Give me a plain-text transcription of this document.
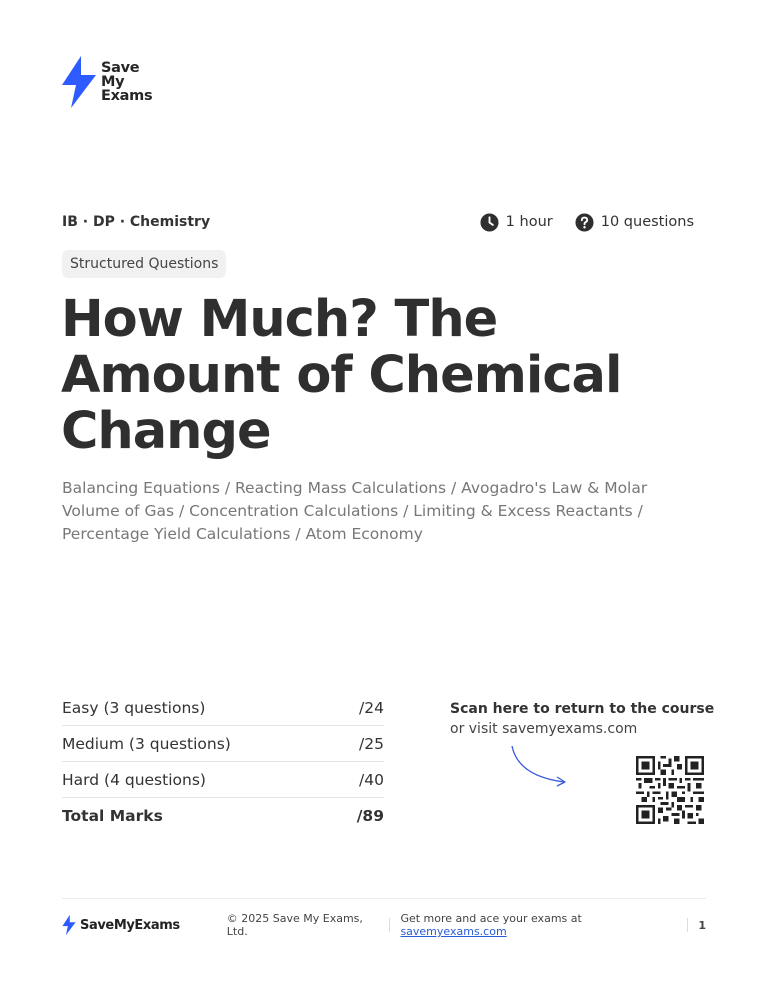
Save
My
Exams
IB · DP · Chemistry	1 hour	10 questions
Structured Questions
How Much? The Amount of Chemical Change

Balancing Equations / Reacting Mass Calculations / Avogadro's Law & Molar Volume of Gas / Concentration Calculations / Limiting & Excess Reactants / Percentage Yield Calculations / Atom Economy

Easy (3 questions)	/24
Medium (3 questions)	/25
Hard (4 questions)	/40
Total Marks	/89
Scan here to return to the course
or visit savemyexams.com
SaveMyExams	© 2025 Save My Exams, Ltd.
Get more and ace your exams at savemyexams.com	1
